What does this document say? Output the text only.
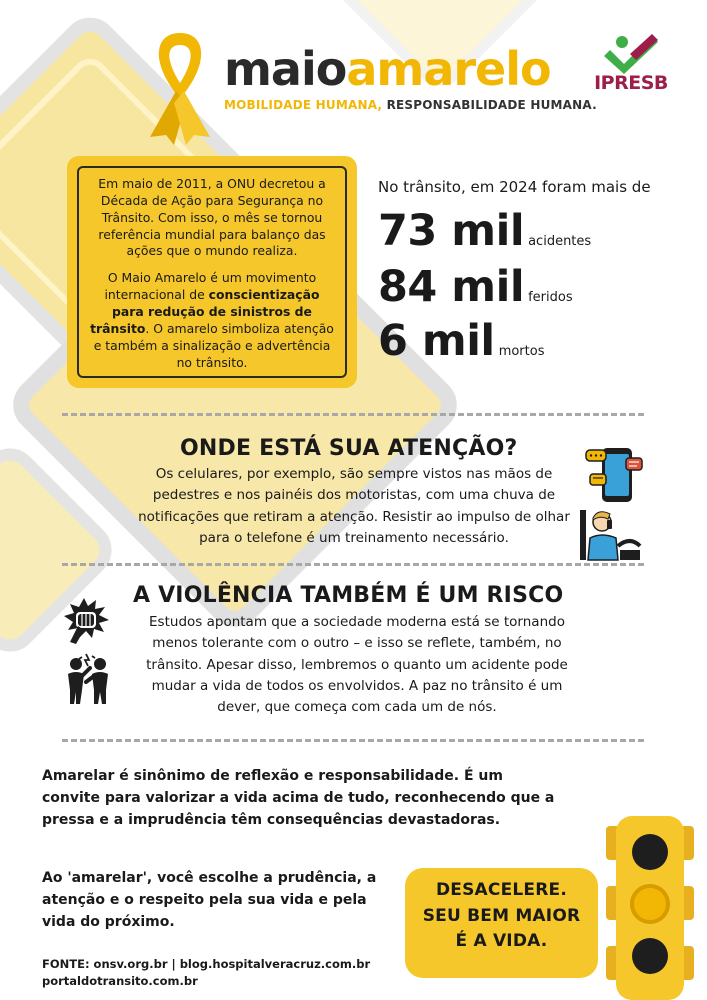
maioamarelo
MOBILIDADE HUMANA, RESPONSABILIDADE HUMANA.
IPRESB

Em maio de 2011, a ONU decretou a Década de Ação para Segurança no Trânsito. Com isso, o mês se tornou referência mundial para balanço das ações que o mundo realiza.

O Maio Amarelo é um movimento internacional de conscientização para redução de sinistros de trânsito. O amarelo simboliza atenção e também a sinalização e advertência no trânsito.

No trânsito, em 2024 foram mais de
73 mil acidentes
84 mil feridos
6 mil mortos
ONDE ESTÁ SUA ATENÇÃO?
Os celulares, por exemplo, são sempre vistos nas mãos de pedestres e nos painéis dos motoristas, com uma chuva de notificações que retiram a atenção. Resistir ao impulso de olhar para o telefone é um treinamento necessário.
A VIOLÊNCIA TAMBÉM É UM RISCO
Estudos apontam que a sociedade moderna está se tornando menos tolerante com o outro – e isso se reflete, também, no trânsito. Apesar disso, lembremos o quanto um acidente pode mudar a vida de todos os envolvidos. A paz no trânsito é um dever, que começa com cada um de nós.
Amarelar é sinônimo de reflexão e responsabilidade. É um convite para valorizar a vida acima de tudo, reconhecendo que a pressa e a imprudência têm consequências devastadoras.
Ao 'amarelar', você escolhe a prudência, a atenção e o respeito pela sua vida e pela vida do próximo.
FONTE: onsv.org.br | blog.hospitalveracruz.com.br
portaldotransito.com.br
DESACELERE.
SEU BEM MAIOR
É A VIDA.
